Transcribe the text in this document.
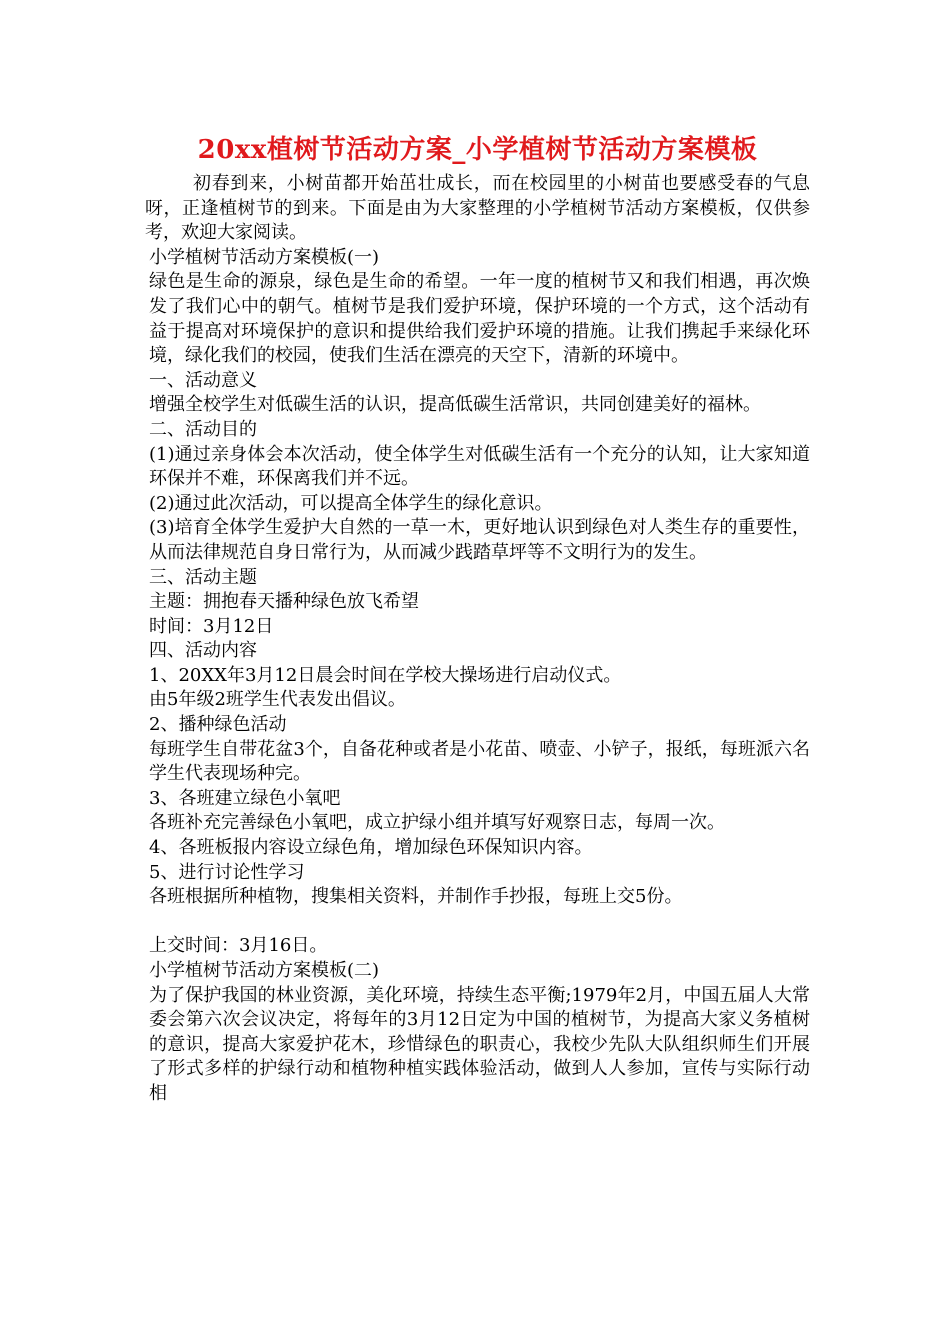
20xx植树节活动方案_小学植树节活动方案模板

初春到来，小树苗都开始茁壮成长，而在校园里的小树苗也要感受春的气息呀，正逢植树节的到来。下面是由为大家整理的小学植树节活动方案模板，仅供参考，欢迎大家阅读。

小学植树节活动方案模板(一)

绿色是生命的源泉，绿色是生命的希望。一年一度的植树节又和我们相遇，再次焕发了我们心中的朝气。植树节是我们爱护环境，保护环境的一个方式，这个活动有益于提高对环境保护的意识和提供给我们爱护环境的措施。让我们携起手来绿化环境，绿化我们的校园，使我们生活在漂亮的天空下，清新的环境中。

一、活动意义

增强全校学生对低碳生活的认识，提高低碳生活常识，共同创建美好的福林。

二、活动目的

(1)通过亲身体会本次活动，使全体学生对低碳生活有一个充分的认知，让大家知道环保并不难，环保离我们并不远。

(2)通过此次活动，可以提高全体学生的绿化意识。

(3)培育全体学生爱护大自然的一草一木，更好地认识到绿色对人类生存的重要性，从而法律规范自身日常行为，从而减少践踏草坪等不文明行为的发生。

三、活动主题

主题：拥抱春天播种绿色放飞希望

时间：3月12日

四、活动内容

1、20XX年3月12日晨会时间在学校大操场进行启动仪式。

由5年级2班学生代表发出倡议。

2、播种绿色活动

每班学生自带花盆3个，自备花种或者是小花苗、喷壶、小铲子，报纸，每班派六名学生代表现场种完。

3、各班建立绿色小氧吧

各班补充完善绿色小氧吧，成立护绿小组并填写好观察日志，每周一次。

4、各班板报内容设立绿色角，增加绿色环保知识内容。

5、进行讨论性学习

各班根据所种植物，搜集相关资料，并制作手抄报，每班上交5份。

上交时间：3月16日。

小学植树节活动方案模板(二)

为了保护我国的林业资源，美化环境，持续生态平衡;1979年2月，中国五届人大常委会第六次会议决定，将每年的3月12日定为中国的植树节，为提高大家义务植树的意识，提高大家爱护花木，珍惜绿色的职责心，我校少先队大队组织师生们开展了形式多样的护绿行动和植物种植实践体验活动，做到人人参加，宣传与实际行动相
